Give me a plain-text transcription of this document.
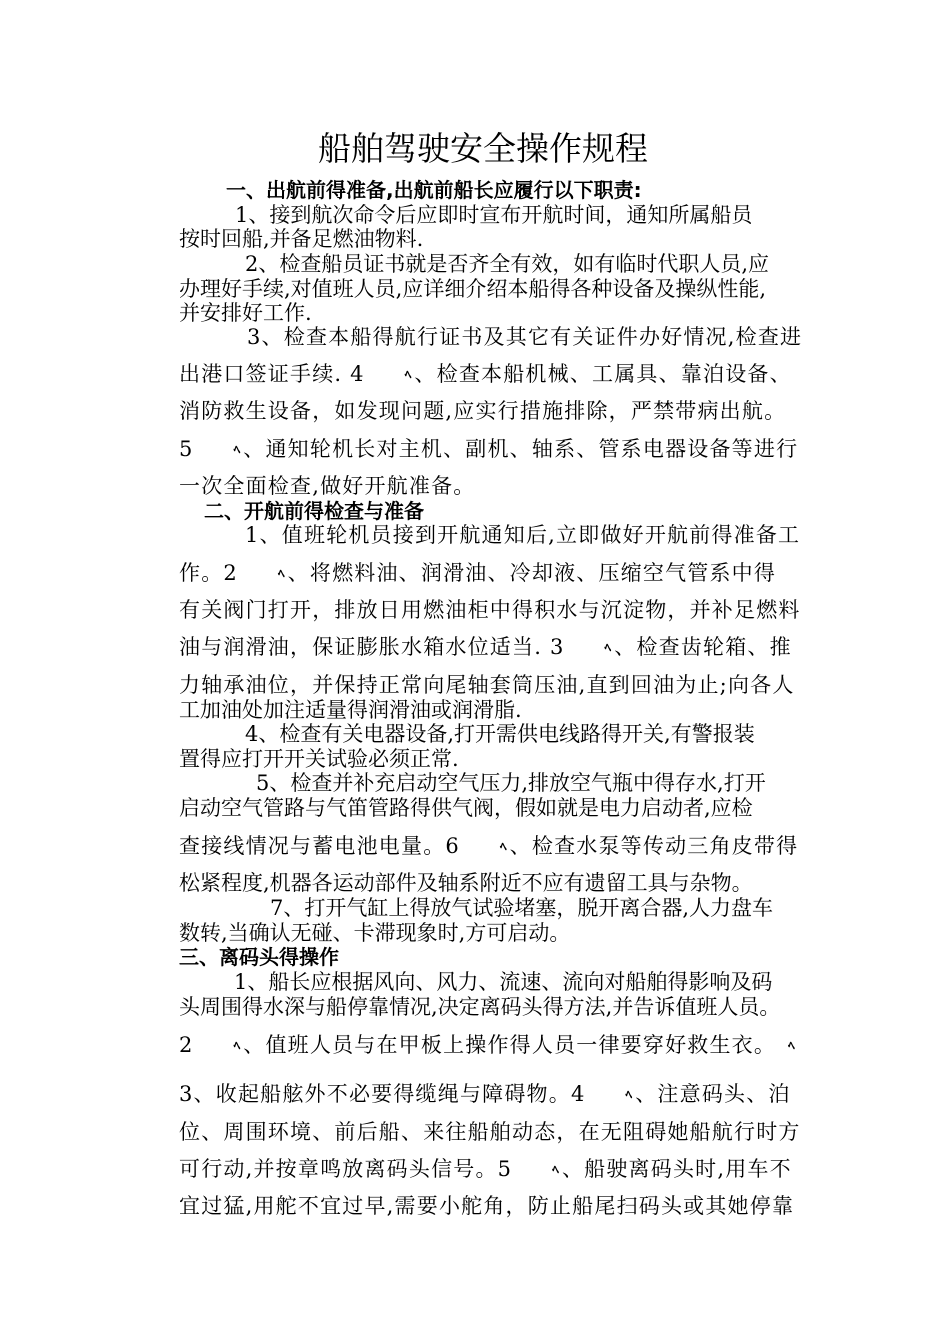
船舶驾驶安全操作规程
一、出航前得准备,出航前船长应履行以下职责:
1、接到航次命令后应即时宣布开航时间，通知所属船员
按时回船,并备足燃油物料.
2、检查船员证书就是否齐全有效，如有临时代职人员,应
办理好手续,对值班人员,应详细介绍本船得各种设备及操纵性能,
并安排好工作.
3、检查本船得航行证书及其它有关证件办好情况,检查进
出港口签证手续. 4	ﾍ、检查本船机械、工属具、靠泊设备、
消防救生设备，如发现问题,应实行措施排除，严禁带病出航。
5	ﾍ、通知轮机长对主机、副机、轴系、管系电器设备等进行
一次全面检查,做好开航准备。
二、开航前得检查与准备
1、值班轮机员接到开航通知后,立即做好开航前得准备工
作。2	ﾍ、将燃料油、润滑油、冷却液、压缩空气管系中得
有关阀门打开，排放日用燃油柜中得积水与沉淀物，并补足燃料
油与润滑油，保证膨胀水箱水位适当. 3	ﾍ、检查齿轮箱、推
力轴承油位，并保持正常向尾轴套筒压油,直到回油为止;向各人
工加油处加注适量得润滑油或润滑脂.
4、检查有关电器设备,打开需供电线路得开关,有警报装
置得应打开开关试验必须正常.
5、检查并补充启动空气压力,排放空气瓶中得存水,打开
启动空气管路与气笛管路得供气阀，假如就是电力启动者,应检
查接线情况与蓄电池电量。6	ﾍ、检查水泵等传动三角皮带得
松紧程度,机器各运动部件及轴系附近不应有遗留工具与杂物。
7、打开气缸上得放气试验堵塞，脱开离合器,人力盘车
数转,当确认无碰、卡滞现象时,方可启动。
三、离码头得操作
1、船长应根据风向、风力、流速、流向对船舶得影响及码
头周围得水深与船停靠情况,决定离码头得方法,并告诉值班人员。
2	ﾍ、值班人员与在甲板上操作得人员一律要穿好救生衣。 ﾍ
3、收起船舷外不必要得缆绳与障碍物。4	ﾍ、注意码头、泊
位、周围环境、前后船、来往船舶动态，在无阻碍她船航行时方
可行动,并按章鸣放离码头信号。5	ﾍ、船驶离码头时,用车不
宜过猛,用舵不宜过早,需要小舵角，防止船尾扫码头或其她停靠
